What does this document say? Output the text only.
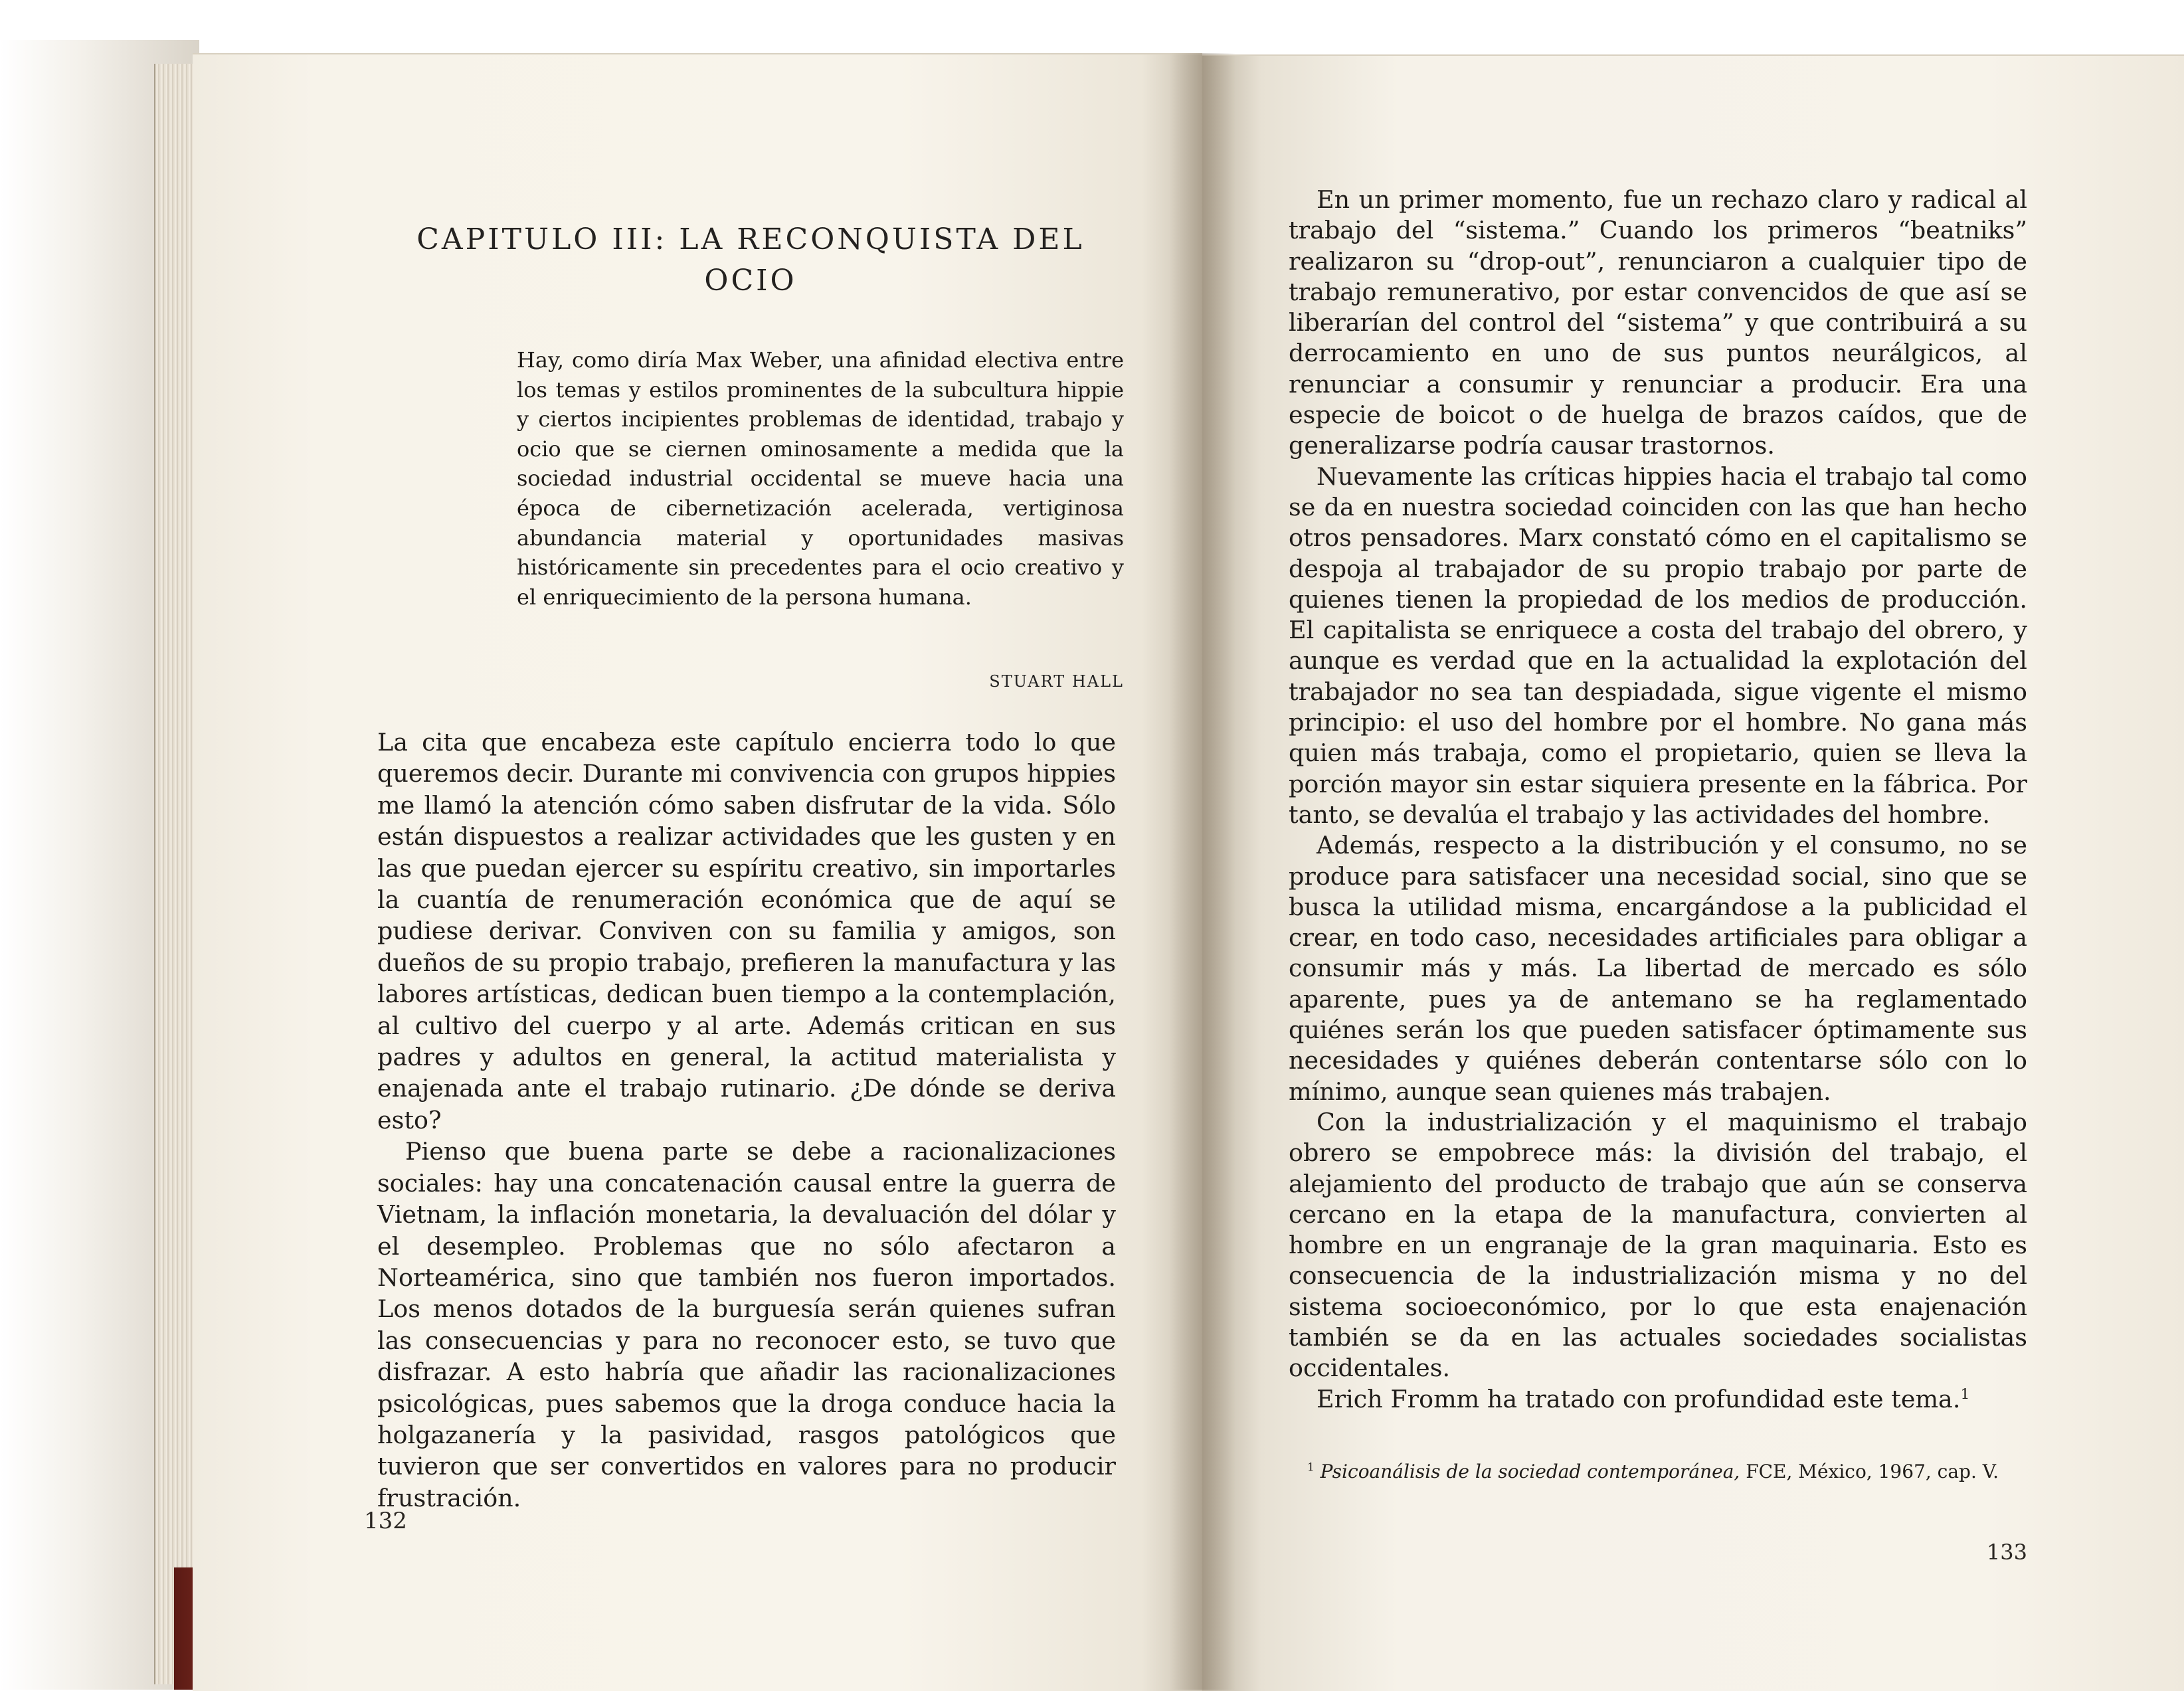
CAPITULO III: LA RECONQUISTA DEL OCIO
Hay, como diría Max Weber, una afinidad electiva entre los temas y estilos prominentes de la subcultura hippie y ciertos incipientes problemas de identidad, trabajo y ocio que se ciernen ominosamente a medida que la sociedad industrial occidental se mueve hacia una época de cibernetización acelerada, vertiginosa abundancia material y oportunidades masivas históricamente sin precedentes para el ocio creativo y el enriquecimiento de la persona humana.
STUART HALL

La cita que encabeza este capítulo encierra todo lo que queremos decir. Durante mi convivencia con grupos hippies me llamó la atención cómo saben disfrutar de la vida. Sólo están dispuestos a realizar actividades que les gusten y en las que puedan ejercer su espíritu creativo, sin importarles la cuantía de renumeración económica que de aquí se pudiese derivar. Conviven con su familia y amigos, son dueños de su propio trabajo, prefieren la manufactura y las labores artísticas, dedican buen tiempo a la contemplación, al cultivo del cuerpo y al arte. Además critican en sus padres y adultos en general, la actitud materialista y enajenada ante el trabajo rutinario. ¿De dónde se deriva esto?

Pienso que buena parte se debe a racionalizaciones sociales: hay una concatenación causal entre la guerra de Vietnam, la inflación monetaria, la devaluación del dólar y el desempleo. Problemas que no sólo afectaron a Norteamérica, sino que también nos fueron importados. Los menos dotados de la burguesía serán quienes sufran las consecuencias y para no reconocer esto, se tuvo que disfrazar. A esto habría que añadir las racionalizaciones psicológicas, pues sabemos que la droga conduce hacia la holgazanería y la pasividad, rasgos patológicos que tuvieron que ser convertidos en valores para no producir frustración.

132

En un primer momento, fue un rechazo claro y radical al trabajo del “sistema.” Cuando los primeros “beatniks” realizaron su “drop-out”, renunciaron a cualquier tipo de trabajo remunerativo, por estar convencidos de que así se liberarían del control del “sistema” y que contribuirá a su derrocamiento en uno de sus puntos neurálgicos, al renunciar a consumir y renunciar a producir. Era una especie de boicot o de huelga de brazos caídos, que de generalizarse podría causar trastornos.

Nuevamente las críticas hippies hacia el trabajo tal como se da en nuestra sociedad coinciden con las que han hecho otros pensadores. Marx constató cómo en el capitalismo se despoja al trabajador de su propio trabajo por parte de quienes tienen la propiedad de los medios de producción. El capitalista se enriquece a costa del trabajo del obrero, y aunque es verdad que en la actualidad la explotación del trabajador no sea tan despiadada, sigue vigente el mismo principio: el uso del hombre por el hombre. No gana más quien más trabaja, como el propietario, quien se lleva la porción mayor sin estar siquiera presente en la fábrica. Por tanto, se devalúa el trabajo y las actividades del hombre.

Además, respecto a la distribución y el consumo, no se produce para satisfacer una necesidad social, sino que se busca la utilidad misma, encargándose a la publicidad el crear, en todo caso, necesidades artificiales para obligar a consumir más y más. La libertad de mercado es sólo aparente, pues ya de antemano se ha reglamentado quiénes serán los que pueden satisfacer óptimamente sus necesidades y quiénes deberán contentarse sólo con lo mínimo, aunque sean quienes más trabajen.

Con la industrialización y el maquinismo el trabajo obrero se empobrece más: la división del trabajo, el alejamiento del producto de trabajo que aún se conserva cercano en la etapa de la manufactura, convierten al hombre en un engranaje de la gran maquinaria. Esto es consecuencia de la industrialización misma y no del sistema socioeconómico, por lo que esta enajenación también se da en las actuales sociedades socialistas occidentales.

Erich Fromm ha tratado con profundidad este tema.$^1$

$^1$ Psicoanálisis de la sociedad contemporánea, FCE, México, 1967, cap. V.
133
